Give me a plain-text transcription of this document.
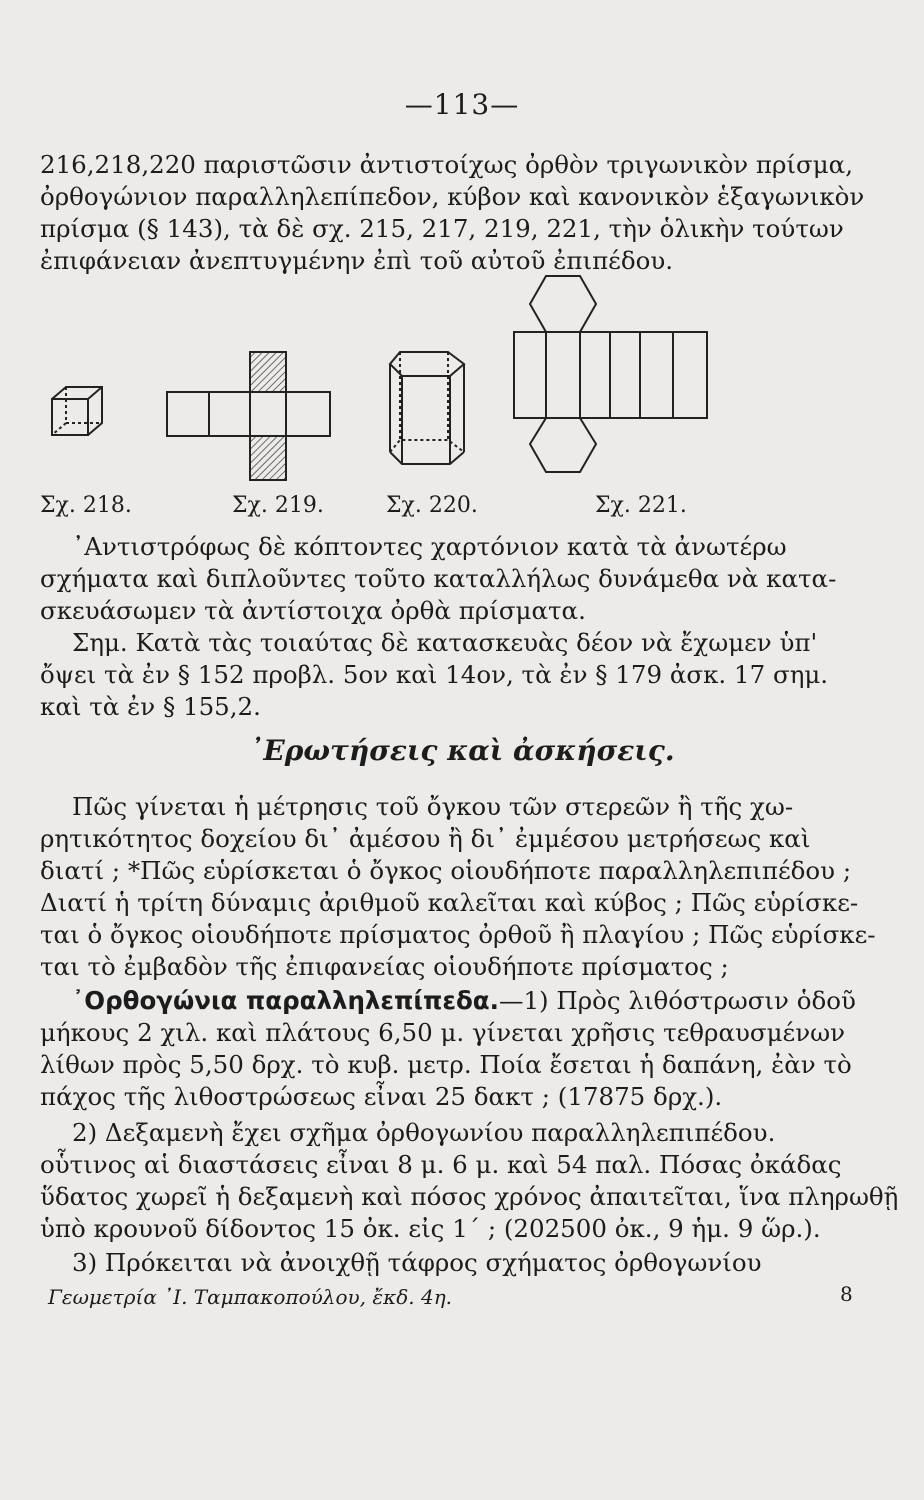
—113—
216,218,220 παριστῶσιν ἀντιστοίχως ὀρθὸν τριγωνικὸν πρίσμα,
ὀρθογώνιον παραλληλεπίπεδον, κύβον καὶ κανονικὸν ἑξαγωνικὸν
πρίσμα (§ 143), τὰ δὲ σχ. 215, 217, 219, 221, τὴν ὁλικὴν τούτων
ἐπιφάνειαν ἀνεπτυγμένην ἐπὶ τοῦ αὐτοῦ ἐπιπέδου.
Σχ. 218.	Σχ. 219.	Σχ. 220.	Σχ. 221.
᾿Αντιστρόφως δὲ κόπτοντες χαρτόνιον κατὰ τὰ ἀνωτέρω
σχήματα καὶ διπλοῦντες τοῦτο καταλλήλως δυνάμεθα νὰ κατα-
σκευάσωμεν τὰ ἀντίστοιχα ὀρθὰ πρίσματα.
Σημ. Κατὰ τὰς τοιαύτας δὲ κατασκευὰς δέον νὰ ἔχωμεν ὑπ'
ὄψει τὰ ἐν § 152 προβλ. 5ον καὶ 14ον, τὰ ἐν § 179 ἀσκ. 17 σημ.
καὶ τὰ ἐν § 155,2.
᾿Ερωτήσεις καὶ ἀσκήσεις.
Πῶς γίνεται ἡ μέτρησις τοῦ ὄγκου τῶν στερεῶν ἢ τῆς χω-
ρητικότητος δοχείου δι᾿ ἀμέσου ἢ δι᾿ ἐμμέσου μετρήσεως καὶ
διατί ; *Πῶς εὑρίσκεται ὁ ὄγκος οἱουδήποτε παραλληλεπιπέδου ;
Διατί ἡ τρίτη δύναμις ἀριθμοῦ καλεῖται καὶ κύβος ; Πῶς εὑρίσκε-
ται ὁ ὄγκος οἱουδήποτε πρίσματος ὀρθοῦ ἢ πλαγίου ; Πῶς εὑρίσκε-
ται τὸ ἐμβαδὸν τῆς ἐπιφανείας οἱουδήποτε πρίσματος ;
᾿Ορθογώνια παραλληλεπίπεδα.—1) Πρὸς λιθόστρωσιν ὁδοῦ
μήκους 2 χιλ. καὶ πλάτους 6,50 μ. γίνεται χρῆσις τεθραυσμένων
λίθων πρὸς 5,50 δρχ. τὸ κυβ. μετρ. Ποία ἔσεται ἡ δαπάνη, ἐὰν τὸ
πάχος τῆς λιθοστρώσεως εἶναι 25 δακτ ; (17875 δρχ.).
2) Δεξαμενὴ ἔχει σχῆμα ὀρθογωνίου παραλληλεπιπέδου.
οὗτινος αἱ διαστάσεις εἶναι 8 μ. 6 μ. καὶ 54 παλ. Πόσας ὀκάδας
ὕδατος χωρεῖ ἡ δεξαμενὴ καὶ πόσος χρόνος ἀπαιτεῖται, ἵνα πληρωθῇ
ὑπὸ κρουνοῦ δίδοντος 15 ὀκ. εἰς 1΄ ; (202500 ὀκ., 9 ἡμ. 9 ὥρ.).
3) Πρόκειται νὰ ἀνοιχθῇ τάφρος σχήματος ὀρθογωνίου
Γεωμετρία ᾿Ι. Ταμπακοπούλου, ἔκδ. 4η.	8
